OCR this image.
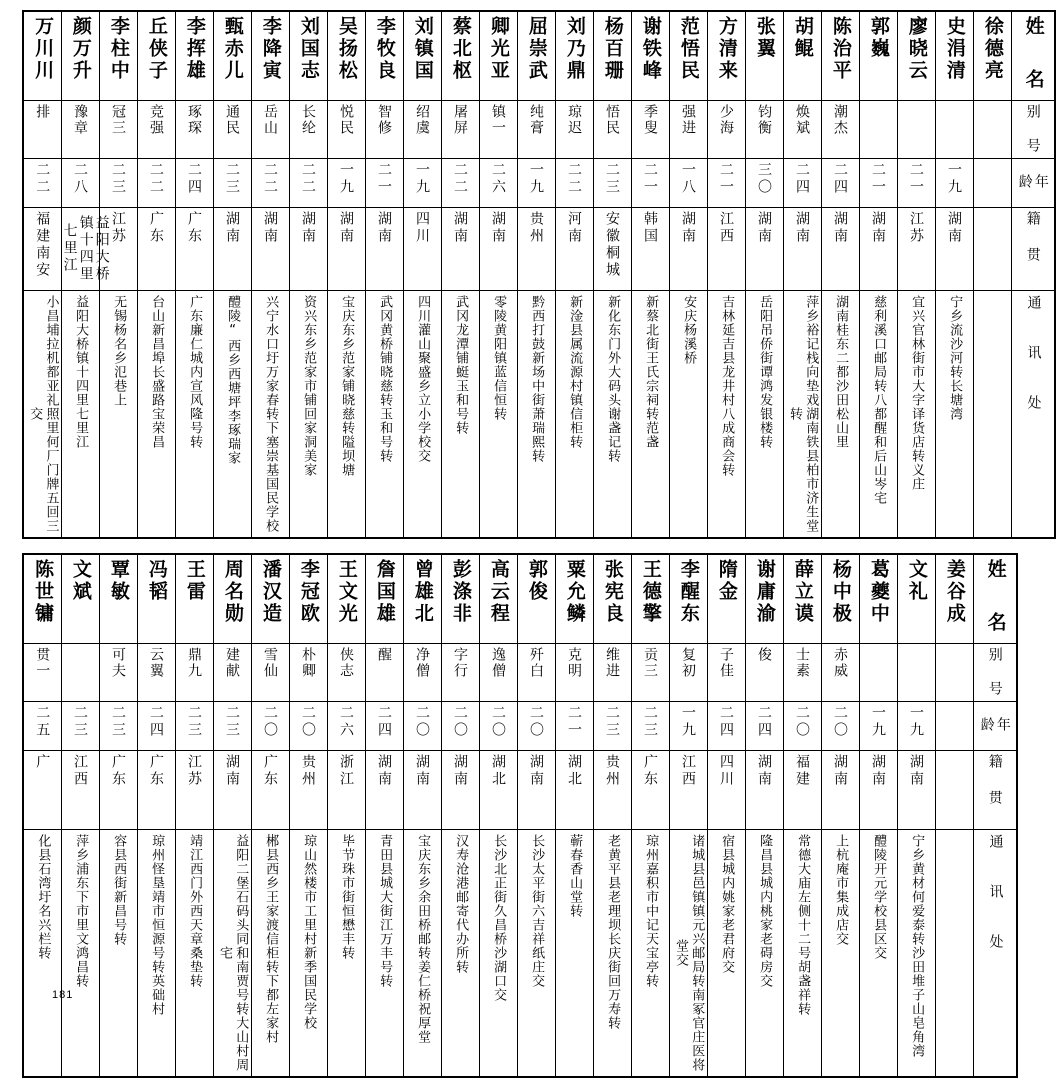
万川川	颜万升	李柱中	丘侠子	李挥雄	甄赤儿	李降寅	刘国志	吴扬松	李牧良	刘镇国	蔡北枢	卿光亚	屈崇武	刘乃鼎	杨百珊	谢铁峰	范悟民	方清来	张翼	胡鲲	陈治平	郭巍	廖晓云	史涓清	徐德亮	姓 名
排	豫章	冠三	竞强	琢琛	通民	岳山	长纶	悦民	智修	绍虞	屠屏	镇一	纯膏	琼迟	悟民	季叟	强进	少海	钧衡	焕斌	潮杰					别 号
二二	二八	二三	二二	二四	二三	二二	二二	一九	二一	一九	二二	二六	一九	二二	二三	二一	一八	二一	三〇	二四	二四	二一	二一	一九		年 龄
福建南安	益阳大桥镇十四里七里江	江苏	广东	广东	湖南	湖南	湖南	湖南	湖南	四川	湖南	湖南	贵州	河南	安徽桐城	韩国	湖南	江西	湖南	湖南	湖南	湖南	江苏	湖南		籍 贯
小昌埔拉机都亚礼照里何厂门牌五回三交	益阳大桥镇十四里七里江	无锡杨名乡氾巷上	台山新昌埠长盛路宝荣昌	广东廉仁城内宣风隆号转	醴陵“西乡西塘坪李琢瑞家	兴宁水口圩万家春转下塞崇基国民学校	资兴东乡范家市铺回家洞美家	宝庆东乡范家铺晓慈转隘坝塘	武冈黄桥铺晓慈转玉和号转	四川灌山聚盛乡立小学校交	武冈龙潭铺蜓玉和号转	零陵黄阳镇蓝信恒转	黔西打鼓新场中街萧瑞熙转	新淦县属流源村镇信柜转	新化东门外大码头谢盏记转	新蔡北街王氏宗祠转范盏	安庆杨溪桥	吉林延吉县龙井村八成商会转	岳阳吊侨街谭鸿发银楼转	萍乡裕记栈向垫戏湖南铁县柏市济生堂转	湖南桂东二都沙田松山里	慈利溪口邮局转八都醒和后山岑宅	宜兴官林街市大字译货店转义庄	宁乡流沙河转长塘湾		通 讯 处
陈世镛	文斌	覃敏	冯韬	王雷	周名勋	潘汉造	李冠欧	王文光	詹国雄	曾雄北	彭涤非	高云程	郭俊	粟允鳞	张宪良	王德擎	李醒东	隋金	谢庸渝	薛立谟	杨中极	葛夔中	文礼	姜谷成	姓 名
贯一		可夫	云翼	鼎九	建献	雪仙	朴卿	侠志	醒	净僧	字行	逸僧	歼白	克明	维进	贡三	复初	子佳	俊	士素	赤威				别 号
二五	二三	二三	二四	二三	二三	二〇	二〇	二六	二四	二〇	二〇	二〇	二〇	二一	二三	二三	一九	二四	二四	二〇	二〇	一九	一九		年 龄
广	江西	广东	广东	江苏	湖南	广东	贵州	浙江	湖南	湖南	湖南	湖北	湖南	湖北	贵州	广东	江西	四川	湖南	福建	湖南	湖南	湖南		籍 贯
化县石湾圩名兴栏转	萍乡浦东下市里文鸿昌转	容县西街新昌号转	琼州怪垦靖市恒源号转英础村	靖江西门外西天章桑垫转	益阳二堡石码头同和南贾号转大山村周宅	郴县西乡王家渡信柜转下都左家村	琼山然楼市工里村新季国民学校	毕节珠市街恒懋丰转	青田县城大街江万丰号转	宝庆东乡余田桥邮转姜仁桥祝厚堂	汉寿沧港邮寄代办所转	长沙北正街久昌桥沙湖口交	长沙太平街六吉祥纸庄交	蕲春香山堂转	老黄平县老理坝长庆街回万寿转	琼州嘉积市中记天宝亭转	诸城县邑镇镇元兴邮局转南冢官庄医将堂交	宿县城内姚家老君府交	隆昌县城内桃家老碍房交	常德大庙左侧十二号胡盏祥转	上杭庵市集成店交	醴陵开元学校县区交	宁乡黄材何爱泰转沙田堆子山皂角湾		通 讯 处
181
